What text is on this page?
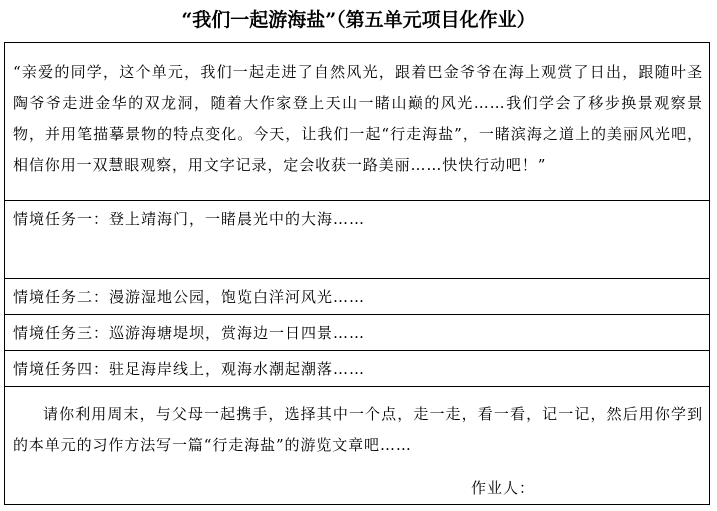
“我们一起游海盐”（第五单元项目化作业）
“亲爱的同学，这个单元，我们一起走进了自然风光，跟着巴金爷爷在海上观赏了日出，跟随叶圣陶爷爷走进金华的双龙洞，随着大作家登上天山一睹山巅的风光……我们学会了移步换景观察景物，并用笔描摹景物的特点变化。今天，让我们一起“行走海盐”，一睹滨海之道上的美丽风光吧，相信你用一双慧眼观察，用文字记录，定会收获一路美丽……快快行动吧！”
情境任务一：登上靖海门，一睹晨光中的大海……
情境任务二：漫游湿地公园，饱览白洋河风光……
情境任务三：巡游海塘堤坝，赏海边一日四景……
情境任务四：驻足海岸线上，观海水潮起潮落……
请你利用周末，与父母一起携手，选择其中一个点，走一走，看一看，记一记，然后用你学到的本单元的习作方法写一篇“行走海盐”的游览文章吧……
作业人：
